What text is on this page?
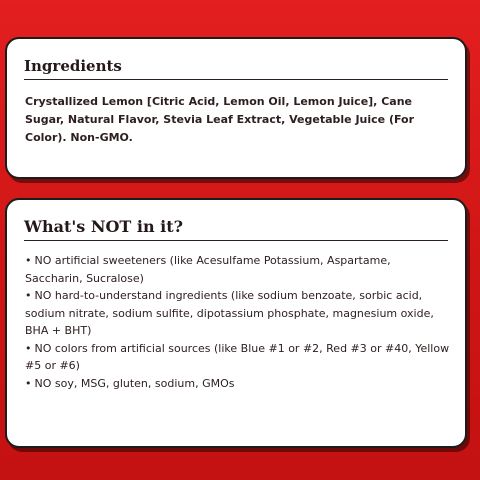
Ingredients

Crystallized Lemon [Citric Acid, Lemon Oil, Lemon Juice], Cane Sugar, Natural Flavor, Stevia Leaf Extract, Vegetable Juice (For Color). Non-GMO.

What's NOT in it?
• NO artificial sweeteners (like Acesulfame Potassium, Aspartame, Saccharin, Sucralose)
• NO hard-to-understand ingredients (like sodium benzoate, sorbic acid, sodium nitrate, sodium sulfite, dipotassium phosphate, magnesium oxide, BHA + BHT)
• NO colors from artificial sources (like Blue #1 or #2, Red #3 or #40, Yellow #5 or #6)
• NO soy, MSG, gluten, sodium, GMOs
